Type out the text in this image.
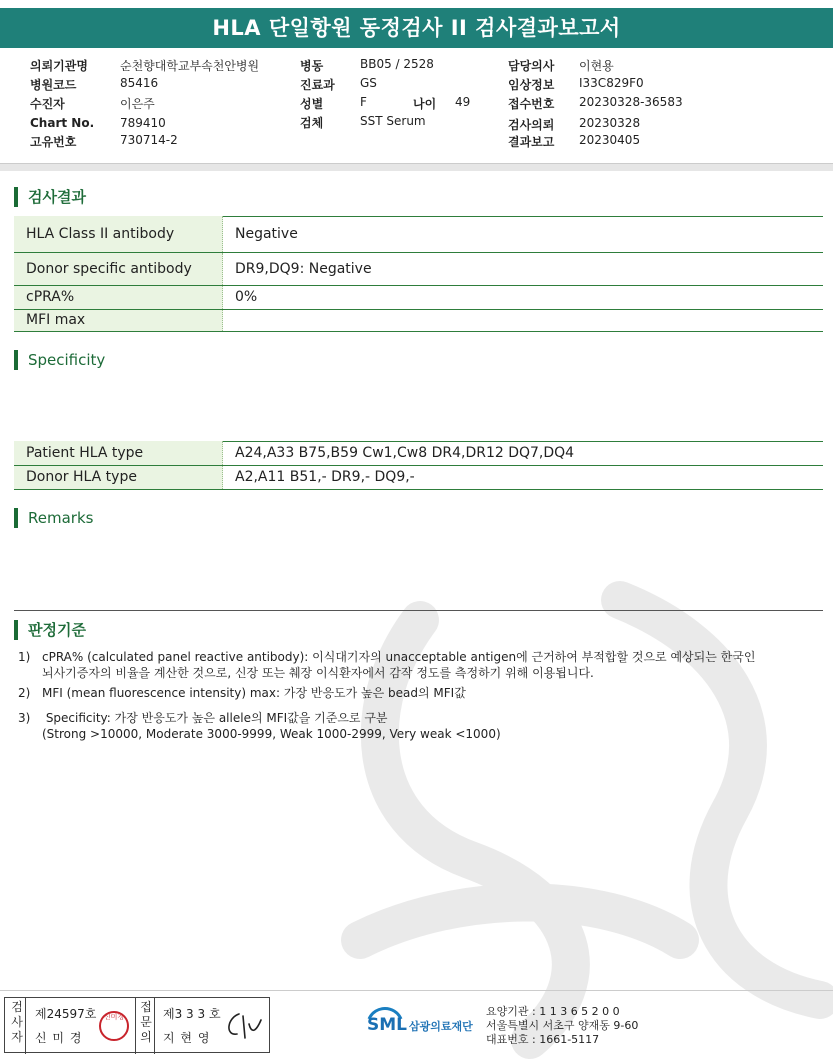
HLA 단일항원 동정검사 II 검사결과보고서
의뢰기관명	순천향대학교부속천안병원
병원코드	85416
수진자	이은주
Chart No. 789410
고유번호	730714-2
병동	BB05 / 2528
진료과 GS
성별	F
검체	SST Serum
담당의사 이현용
임상정보 I33C829F0
접수번호 20230328-36583
검사의뢰 20230328
결과보고 20230405
나이 49
검사결과
HLA Class II antibody	Negative
Donor specific antibody	DR9,DQ9: Negative
cPRA%	0%
MFI max	
Specificity
Patient HLA type	A24,A33 B75,B59 Cw1,Cw8 DR4,DR12 DQ7,DQ4
Donor HLA type	A2,A11 B51,- DR9,- DQ9,-
Remarks
판정기준
1) cPRA% (calculated panel reactive antibody): 이식대기자의 unacceptable antigen에 근거하여 부적합할 것으로 예상되는 한국인
뇌사기증자의 비율을 계산한 것으로, 신장 또는 췌장 이식환자에서 감작 정도를 측정하기 위해 이용됩니다.
2) MFI (mean fluorescence intensity) max: 가장 반응도가 높은 bead의 MFI값
3) Specificity: 가장 반응도가 높은 allele의 MFI값을 기준으로 구분
(Strong >10000, Moderate 3000-9999, Weak 1000-2999, Very weak <1000)
검사자
제24597호
신 미 경
신미경
접문의
제3 3 3 호
지 현 영
SML 삼광의료재단
요양기관 : 1 1 3 6 5 2 0 0
서울특별시 서초구 양재동 9-60
대표번호 : 1661-5117
